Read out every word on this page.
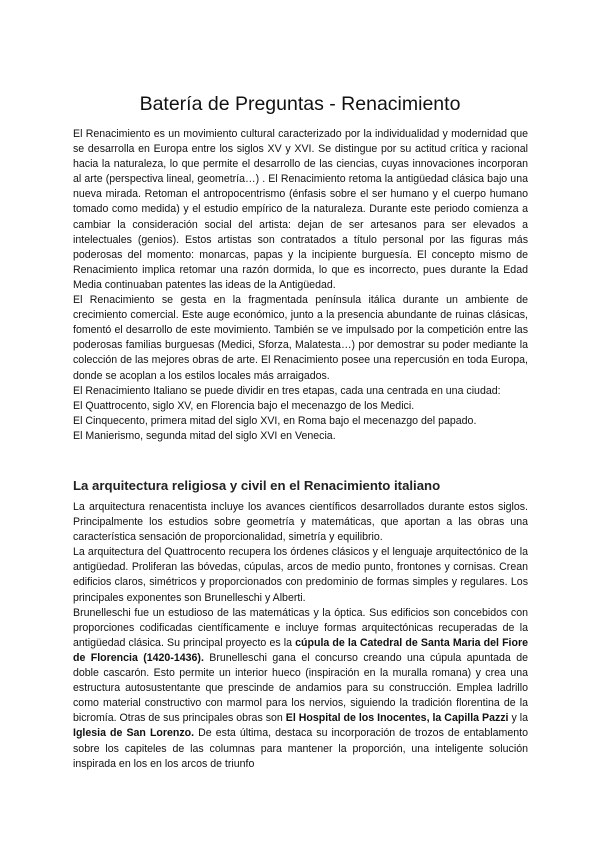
Batería de Preguntas - Renacimiento

El Renacimiento es un movimiento cultural caracterizado por la individualidad y modernidad que se desarrolla en Europa entre los siglos XV y XVI. Se distingue por su actitud crítica y racional hacia la naturaleza, lo que permite el desarrollo de las ciencias, cuyas innovaciones incorporan al arte (perspectiva lineal, geometría…) . El Renacimiento retoma la antigüedad clásica bajo una nueva mirada. Retoman el antropocentrismo (énfasis sobre el ser humano y el cuerpo humano tomado como medida) y el estudio empírico de la naturaleza. Durante este periodo comienza a cambiar la consideración social del artista: dejan de ser artesanos para ser elevados a intelectuales (genios). Estos artistas son contratados a título personal por las figuras más poderosas del momento: monarcas, papas y la incipiente burguesía. El concepto mismo de Renacimiento implica retomar una razón dormida, lo que es incorrecto, pues durante la Edad Media continuaban patentes las ideas de la Antigüedad.

El Renacimiento se gesta en la fragmentada península itálica durante un ambiente de crecimiento comercial. Este auge económico, junto a la presencia abundante de ruinas clásicas, fomentó el desarrollo de este movimiento. También se ve impulsado por la competición entre las poderosas familias burguesas (Medici, Sforza, Malatesta…) por demostrar su poder mediante la colección de las mejores obras de arte. El Renacimiento posee una repercusión en toda Europa, donde se acoplan a los estilos locales más arraigados.

El Renacimiento Italiano se puede dividir en tres etapas, cada una centrada en una ciudad:

El Quattrocento, siglo XV, en Florencia bajo el mecenazgo de los Medici.

El Cinquecento, primera mitad del siglo XVI, en Roma bajo el mecenazgo del papado.

El Manierismo, segunda mitad del siglo XVI en Venecia.

La arquitectura religiosa y civil en el Renacimiento italiano

La arquitectura renacentista incluye los avances científicos desarrollados durante estos siglos. Principalmente los estudios sobre geometría y matemáticas, que aportan a las obras una característica sensación de proporcionalidad, simetría y equilibrio.

La arquitectura del Quattrocento recupera los órdenes clásicos y el lenguaje arquitectónico de la antigüedad. Proliferan las bóvedas, cúpulas, arcos de medio punto, frontones y cornisas. Crean edificios claros, simétricos y proporcionados con predominio de formas simples y regulares. Los principales exponentes son Brunelleschi y Alberti.

Brunelleschi fue un estudioso de las matemáticas y la óptica. Sus edificios son concebidos con proporciones codificadas científicamente e incluye formas arquitectónicas recuperadas de la antigüedad clásica. Su principal proyecto es la cúpula de la Catedral de Santa Maria del Fiore de Florencia (1420-1436). Brunelleschi gana el concurso creando una cúpula apuntada de doble cascarón. Esto permite un interior hueco (inspiración en la muralla romana) y crea una estructura autosustentante que prescinde de andamios para su construcción. Emplea ladrillo como material constructivo con marmol para los nervios, siguiendo la tradición florentina de la bicromía. Otras de sus principales obras son El Hospital de los Inocentes, la Capilla Pazzi y la Iglesia de San Lorenzo. De esta última, destaca su incorporación de trozos de entablamento sobre los capiteles de las columnas para mantener la proporción, una inteligente solución inspirada en los en los arcos de triunfo
